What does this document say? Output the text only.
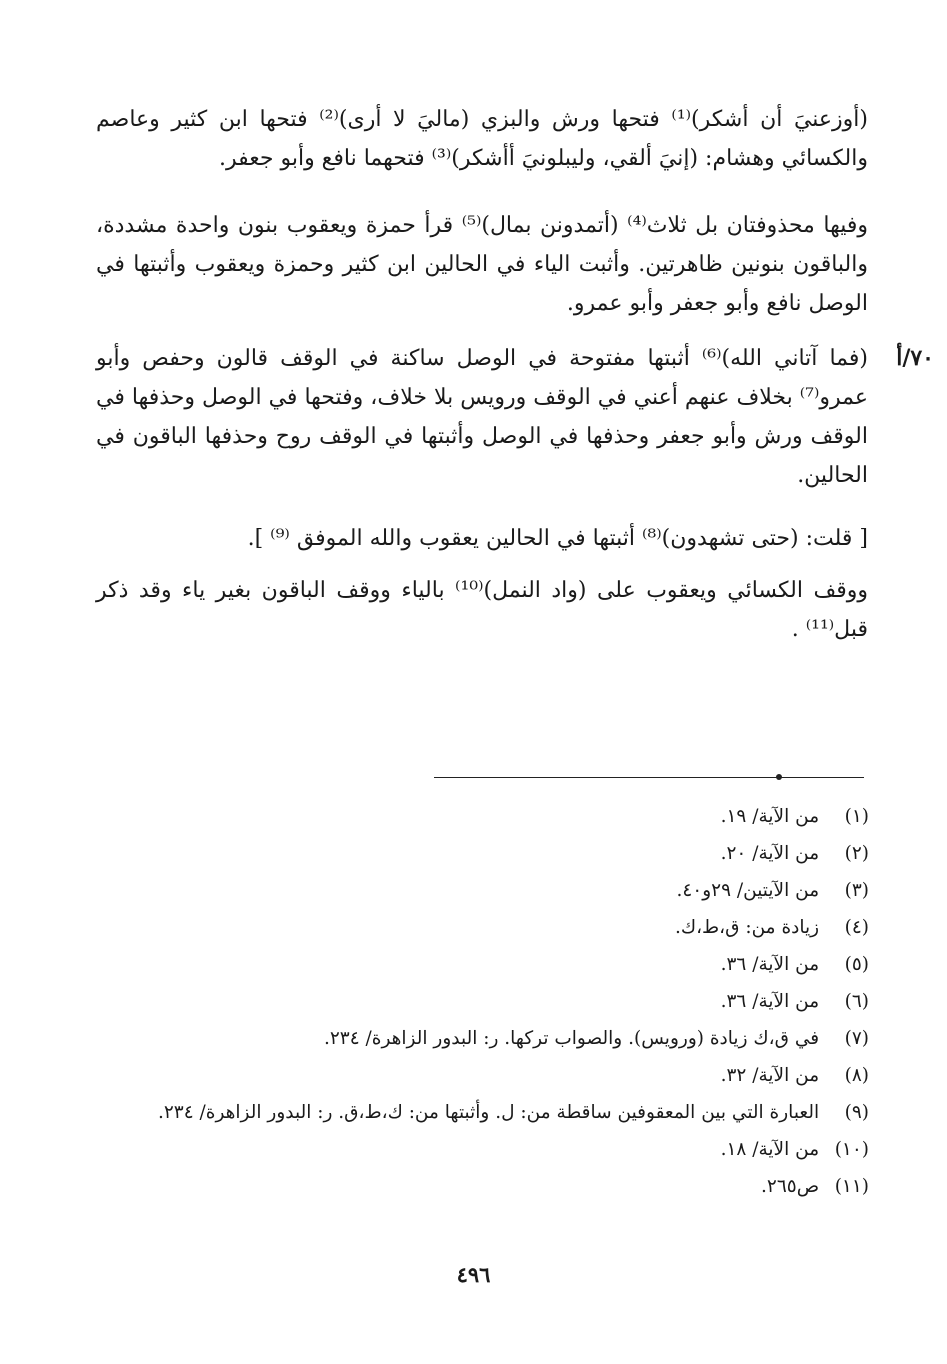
(أوزعنيَ أن أشكر)⁽¹⁾ فتحها ورش والبزي (ماليَ لا أرى)⁽²⁾ فتحها ابن كثير وعاصم والكسائي وهشام: (إنيَ ألقي، وليبلونيَ أأشكر)⁽³⁾ فتحهما نافع وأبو جعفر.

وفيها محذوفتان بل ثلاث⁽⁴⁾ (أتمدونن بمال)⁽⁵⁾ قرأ حمزة ويعقوب بنون واحدة مشددة، والباقون بنونين ظاهرتين. وأثبت الياء في الحالين ابن كثير وحمزة ويعقوب وأثبتها في الوصل نافع وأبو جعفر وأبو عمرو.

(فما آتاني الله)⁽⁶⁾ أثبتها مفتوحة في الوصل ساكنة في الوقف قالون وحفص وأبو عمرو⁽⁷⁾ بخلاف عنهم أعني في الوقف ورويس بلا خلاف، وفتحها في الوصل وحذفها في الوقف ورش وأبو جعفر وحذفها في الوصل وأثبتها في الوقف روح وحذفها الباقون في الحالين.

[ قلت: (حتى تشهدون)⁽⁸⁾ أثبتها في الحالين يعقوب والله الموفق ⁽⁹⁾ ].

ووقف الكسائي ويعقوب على (واد النمل)⁽¹⁰⁾ بالياء ووقف الباقون بغير ياء وقد ذكر قبل⁽¹¹⁾ .

٧٠/أ
(١) من الآية/ ١٩.
(٢) من الآية/ ٢٠.
(٣) من الآيتين/ ٢٩و٤٠.
(٤) زيادة من: ق،ط،ك.
(٥) من الآية/ ٣٦.
(٦) من الآية/ ٣٦.
(٧) في ق،ك زيادة (ورويس). والصواب تركها. ر: البدور الزاهرة/ ٢٣٤.
(٨) من الآية/ ٣٢.
(٩) العبارة التي بين المعقوفين ساقطة من: ل. وأثبتها من: ك،ط،ق. ر: البدور الزاهرة/ ٢٣٤.
(١٠) من الآية/ ١٨.
(١١) ص٢٦٥.
٤٩٦
